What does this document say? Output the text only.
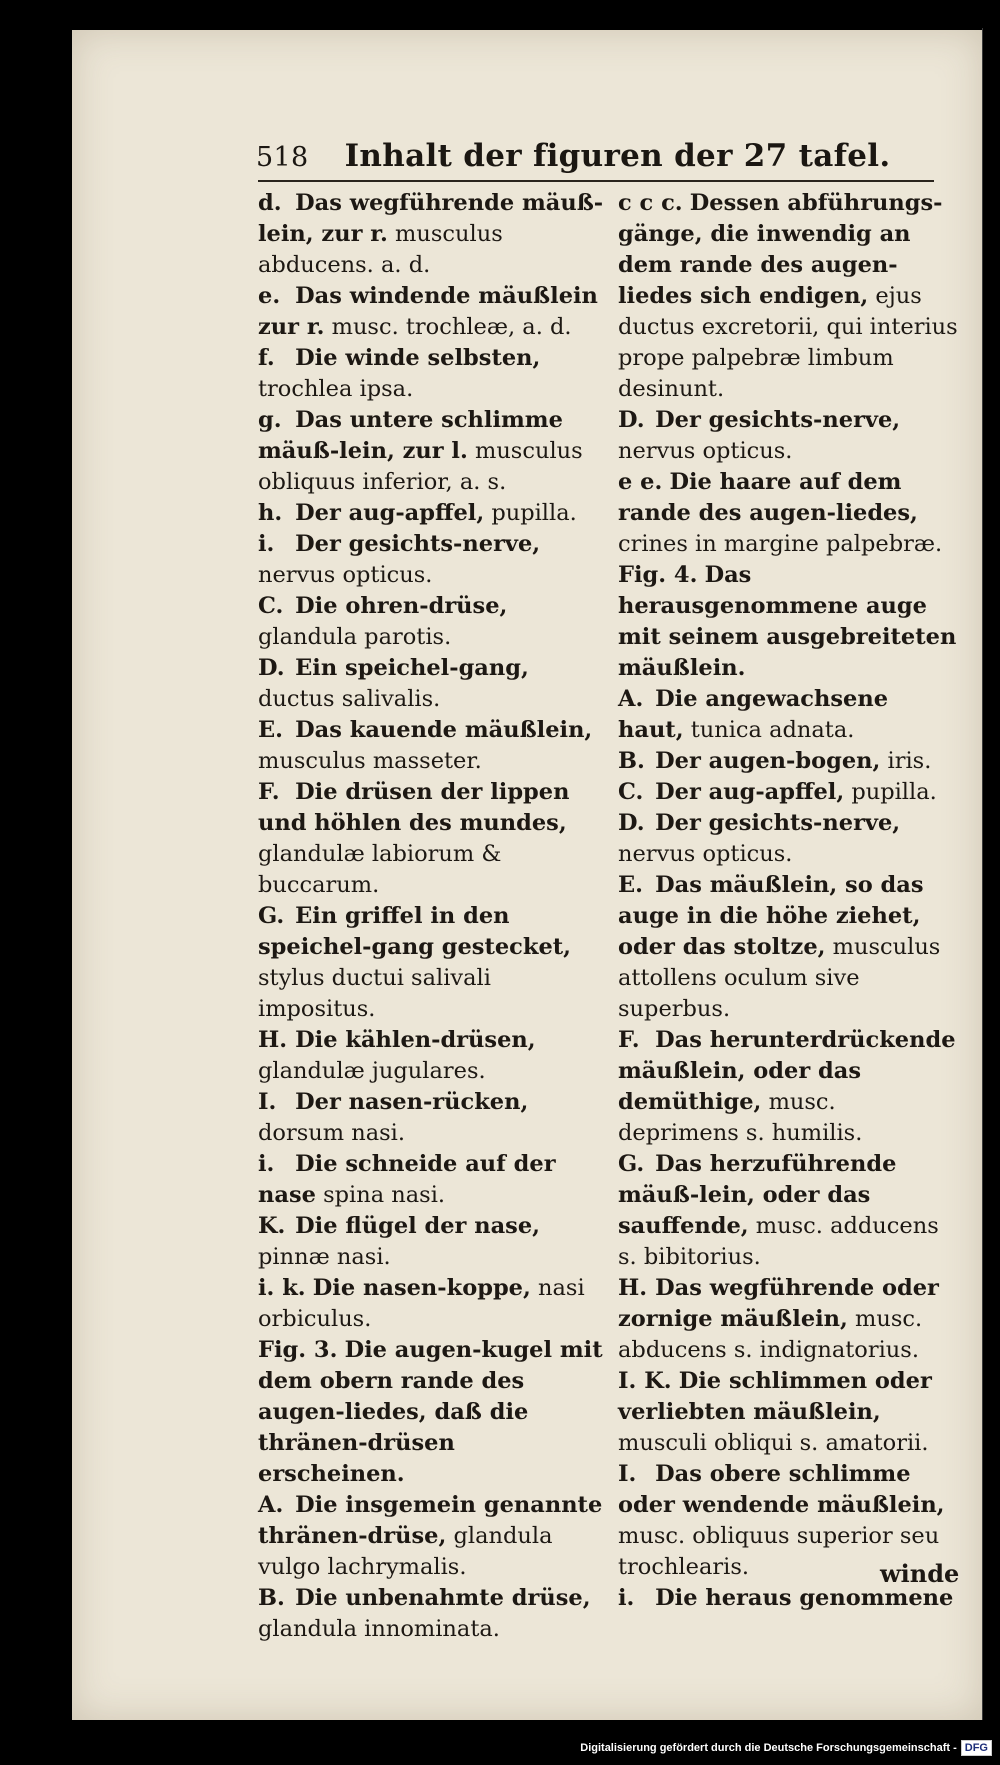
518 Inhalt der figuren der 27 tafel.
d. Das wegführende mäuß-lein, zur r. musculus abducens. a. d.
e. Das windende mäußlein zur r. musc. trochleæ, a. d.
f. Die winde selbsten, trochlea ipsa.
g. Das untere schlimme mäuß-lein, zur l. musculus obliquus inferior, a. s.
h. Der aug-apffel, pupilla.
i. Der gesichts-nerve, nervus opticus.
C. Die ohren-drüse, glandula parotis.
D. Ein speichel-gang, ductus salivalis.
E. Das kauende mäußlein, musculus masseter.
F. Die drüsen der lippen und höhlen des mundes, glandulæ labiorum & buccarum.
G. Ein griffel in den speichel-gang gestecket, stylus ductui salivali impositus.
H. Die kählen-drüsen, glandulæ jugulares.
I. Der nasen-rücken, dorsum nasi.
i. Die schneide auf der nase spina nasi.
K. Die flügel der nase, pinnæ nasi.
i. k. Die nasen-koppe, nasi orbiculus.
Fig. 3. Die augen-kugel mit dem obern rande des augen-liedes, daß die thränen-drüsen erscheinen.
A. Die insgemein genannte thränen-drüse, glandula vulgo lachrymalis.
B. Die unbenahmte drüse, glandula innominata.
c c c. Dessen abführungs-gänge, die inwendig an dem rande des augen-liedes sich endigen, ejus ductus excretorii, qui interius prope palpebræ limbum desinunt.
D. Der gesichts-nerve, nervus opticus.
e e. Die haare auf dem rande des augen-liedes, crines in margine palpebræ.
Fig. 4. Das herausgenommene auge mit seinem ausgebreiteten mäußlein.
A. Die angewachsene haut, tunica adnata.
B. Der augen-bogen, iris.
C. Der aug-apffel, pupilla.
D. Der gesichts-nerve, nervus opticus.
E. Das mäußlein, so das auge in die höhe ziehet, oder das stoltze, musculus attollens oculum sive superbus.
F. Das herunterdrückende mäußlein, oder das demüthige, musc. deprimens s. humilis.
G. Das herzuführende mäuß-lein, oder das sauffende, musc. adducens s. bibitorius.
H. Das wegführende oder zornige mäußlein, musc. abducens s. indignatorius.
I. K. Die schlimmen oder verliebten mäußlein, musculi obliqui s. amatorii.
I. Das obere schlimme oder wendende mäußlein, musc. obliquus superior seu trochlearis.
i. Die heraus genommene
winde
Digitalisierung gefördert durch die Deutsche Forschungsgemeinschaft - DFG
